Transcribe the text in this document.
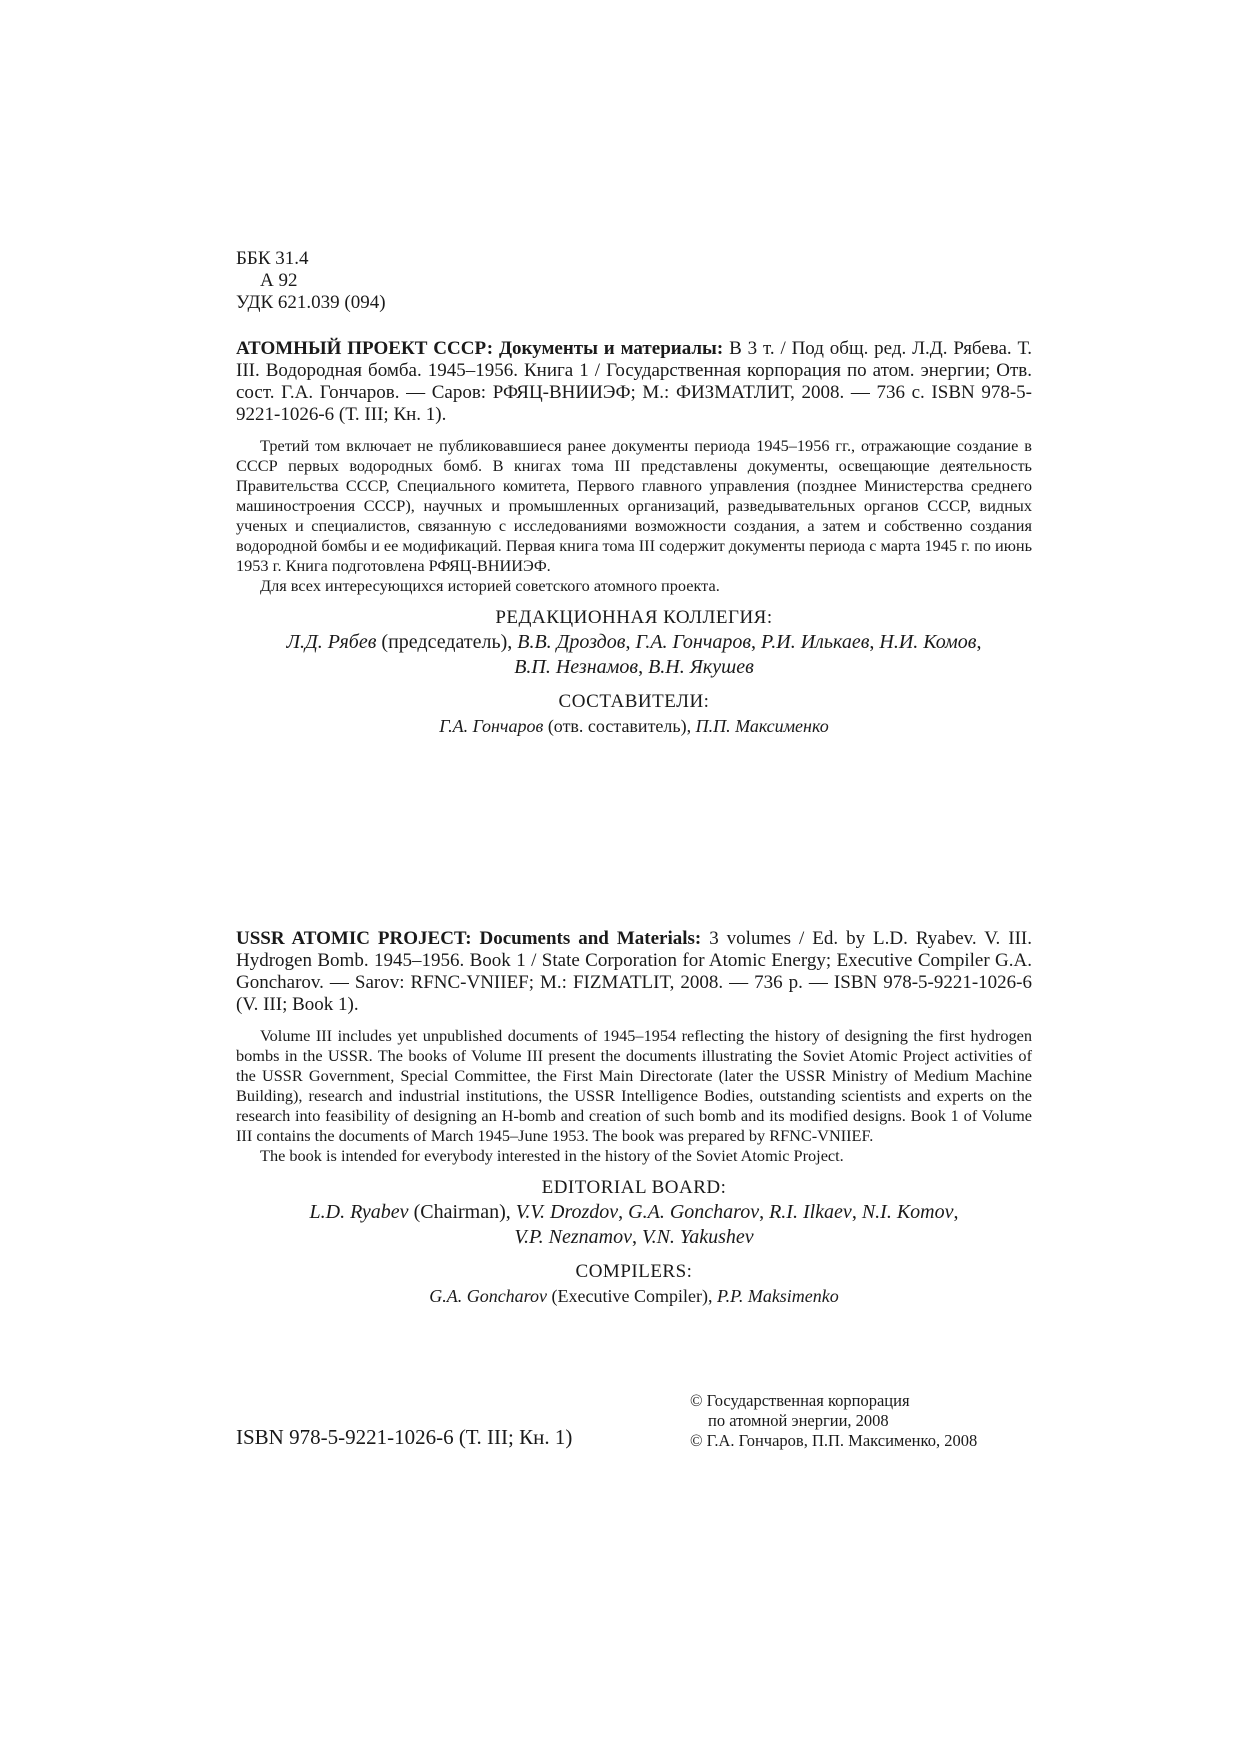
ББК 31.4
А 92
УДК 621.039 (094)
АТОМНЫЙ ПРОЕКТ СССР: Документы и материалы: В 3 т. / Под общ. ред. Л.Д. Рябева. Т. III. Водородная бомба. 1945–1956. Книга 1 / Государственная корпорация по атом. энергии; Отв. сост. Г.А. Гончаров. — Саров: РФЯЦ-ВНИИЭФ; М.: ФИЗМАТЛИТ, 2008. — 736 с. ISBN 978-5-9221-1026-6 (Т. III; Кн. 1).

Третий том включает не публиковавшиеся ранее документы периода 1945–1956 гг., отражающие создание в СССР первых водородных бомб. В книгах тома III представлены документы, освещающие деятельность Правительства СССР, Специального комитета, Первого главного управления (позднее Министерства среднего машиностроения СССР), научных и промышленных организаций, разведывательных органов СССР, видных ученых и специалистов, связанную с исследованиями возможности создания, а затем и собственно создания водородной бомбы и ее модификаций. Первая книга тома III содержит документы периода с марта 1945 г. по июнь 1953 г. Книга подготовлена РФЯЦ-ВНИИЭФ.

Для всех интересующихся историей советского атомного проекта.

РЕДАКЦИОННАЯ КОЛЛЕГИЯ:
Л.Д. Рябев (председатель), В.В. Дроздов, Г.А. Гончаров, Р.И. Илькаев, Н.И. Комов,
В.П. Незнамов, В.Н. Якушев
СОСТАВИТЕЛИ:
Г.А. Гончаров (отв. составитель), П.П. Максименко
USSR ATOMIC PROJECT: Documents and Materials: 3 volumes / Ed. by L.D. Ryabev. V. III. Hydrogen Bomb. 1945–1956. Book 1 / State Corporation for Atomic Energy; Executive Compiler G.A. Goncharov. — Sarov: RFNC-VNIIEF; M.: FIZMATLIT, 2008. — 736 p. — ISBN 978-5-9221-1026-6 (V. III; Book 1).

Volume III includes yet unpublished documents of 1945–1954 reflecting the history of designing the first hydrogen bombs in the USSR. The books of Volume III present the documents illustrating the Soviet Atomic Project activities of the USSR Government, Special Committee, the First Main Directorate (later the USSR Ministry of Medium Machine Building), research and industrial institutions, the USSR Intelligence Bodies, outstanding scientists and experts on the research into feasibility of designing an H-bomb and creation of such bomb and its modified designs. Book 1 of Volume III contains the documents of March 1945–June 1953. The book was prepared by RFNC-VNIIEF.

The book is intended for everybody interested in the history of the Soviet Atomic Project.

EDITORIAL BOARD:
L.D. Ryabev (Chairman), V.V. Drozdov, G.A. Goncharov, R.I. Ilkaev, N.I. Komov,
V.P. Neznamov, V.N. Yakushev
COMPILERS:
G.A. Goncharov (Executive Compiler), P.P. Maksimenko
ISBN 978-5-9221-1026-6 (Т. III; Кн. 1)
© Государственная корпорация
по атомной энергии, 2008
© Г.А. Гончаров, П.П. Максименко, 2008
